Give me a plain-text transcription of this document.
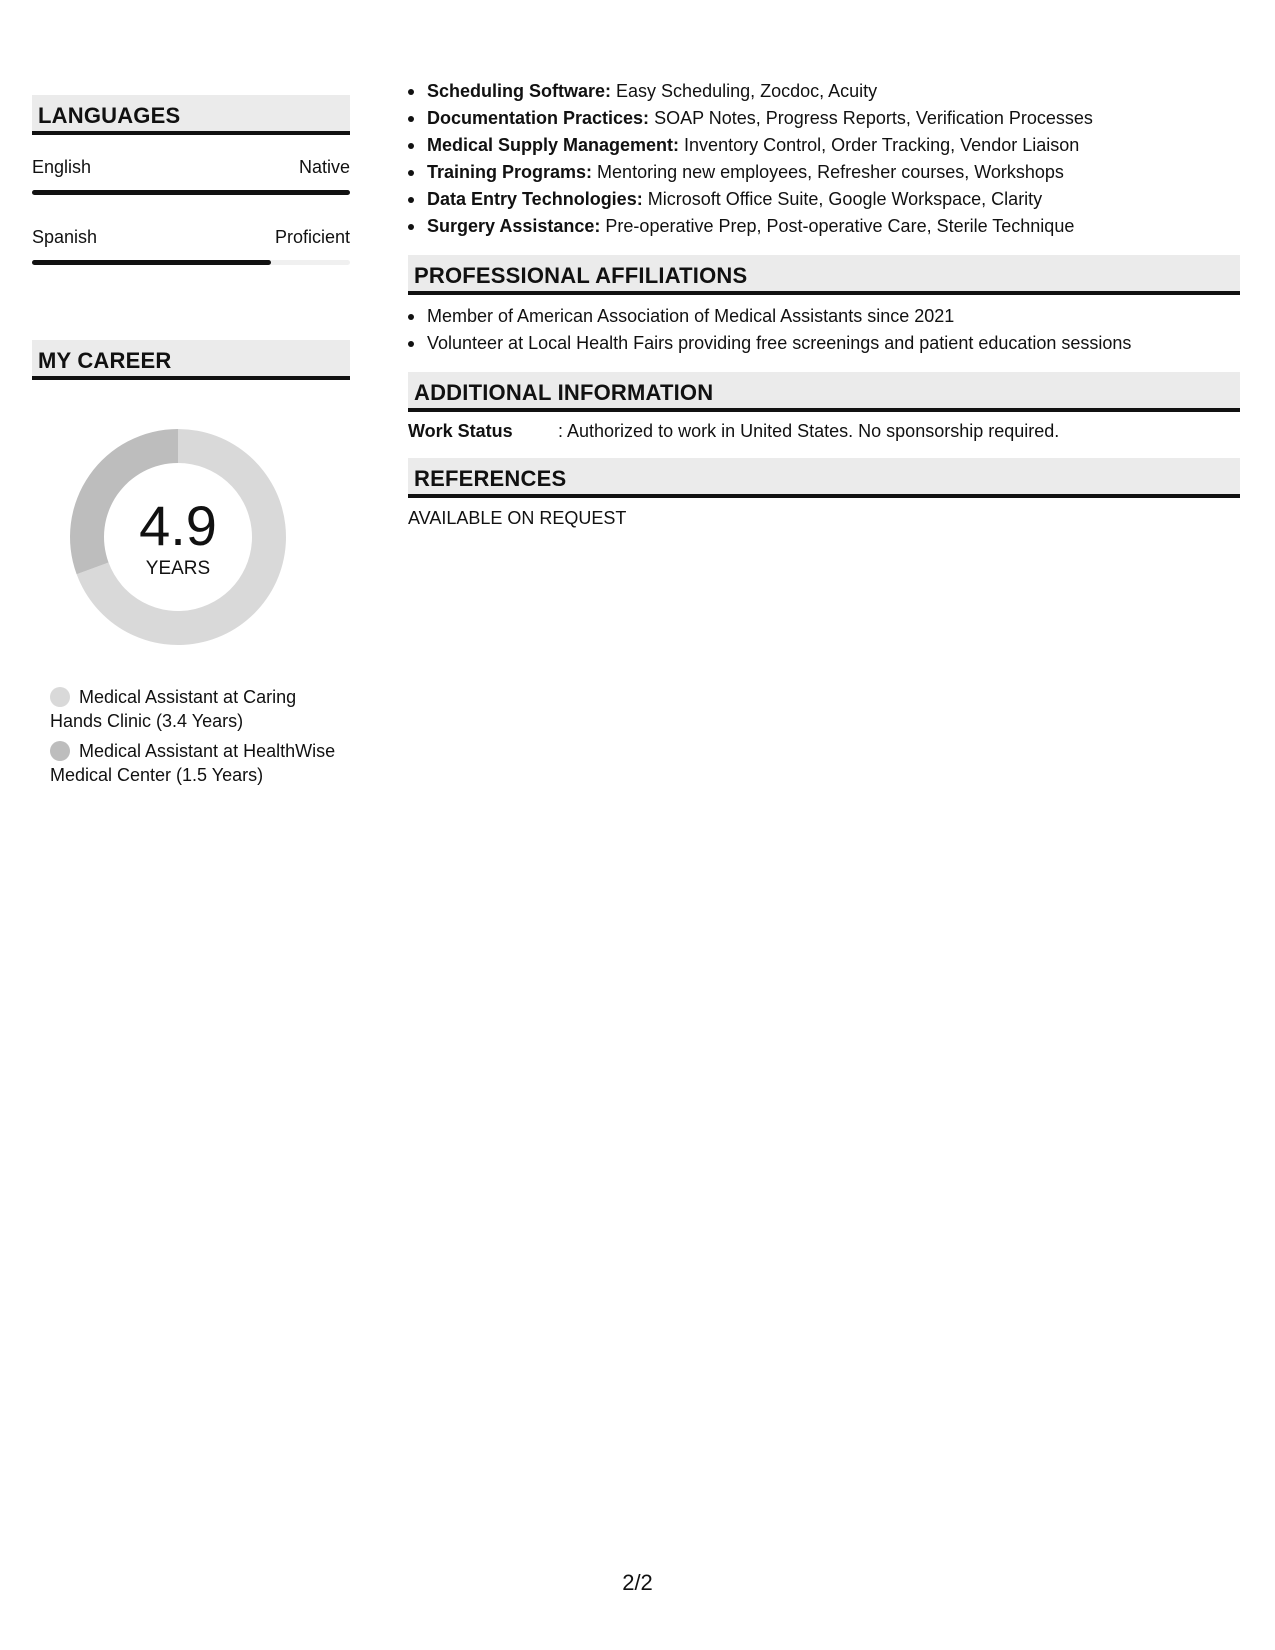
LANGUAGES
English	Native
Spanish	Proficient
MY CAREER
4.9
YEARS
Medical Assistant at Caring Hands Clinic (3.4 Years)
Medical Assistant at HealthWise Medical Center (1.5 Years)
Scheduling Software: Easy Scheduling, Zocdoc, Acuity
Documentation Practices: SOAP Notes, Progress Reports, Verification Processes
Medical Supply Management: Inventory Control, Order Tracking, Vendor Liaison
Training Programs: Mentoring new employees, Refresher courses, Workshops
Data Entry Technologies: Microsoft Office Suite, Google Workspace, Clarity
Surgery Assistance: Pre-operative Prep, Post-operative Care, Sterile Technique
PROFESSIONAL AFFILIATIONS
Member of American Association of Medical Assistants since 2021
Volunteer at Local Health Fairs providing free screenings and patient education sessions
ADDITIONAL INFORMATION
Work Status	: Authorized to work in United States. No sponsorship required.
REFERENCES
AVAILABLE ON REQUEST
2/2
